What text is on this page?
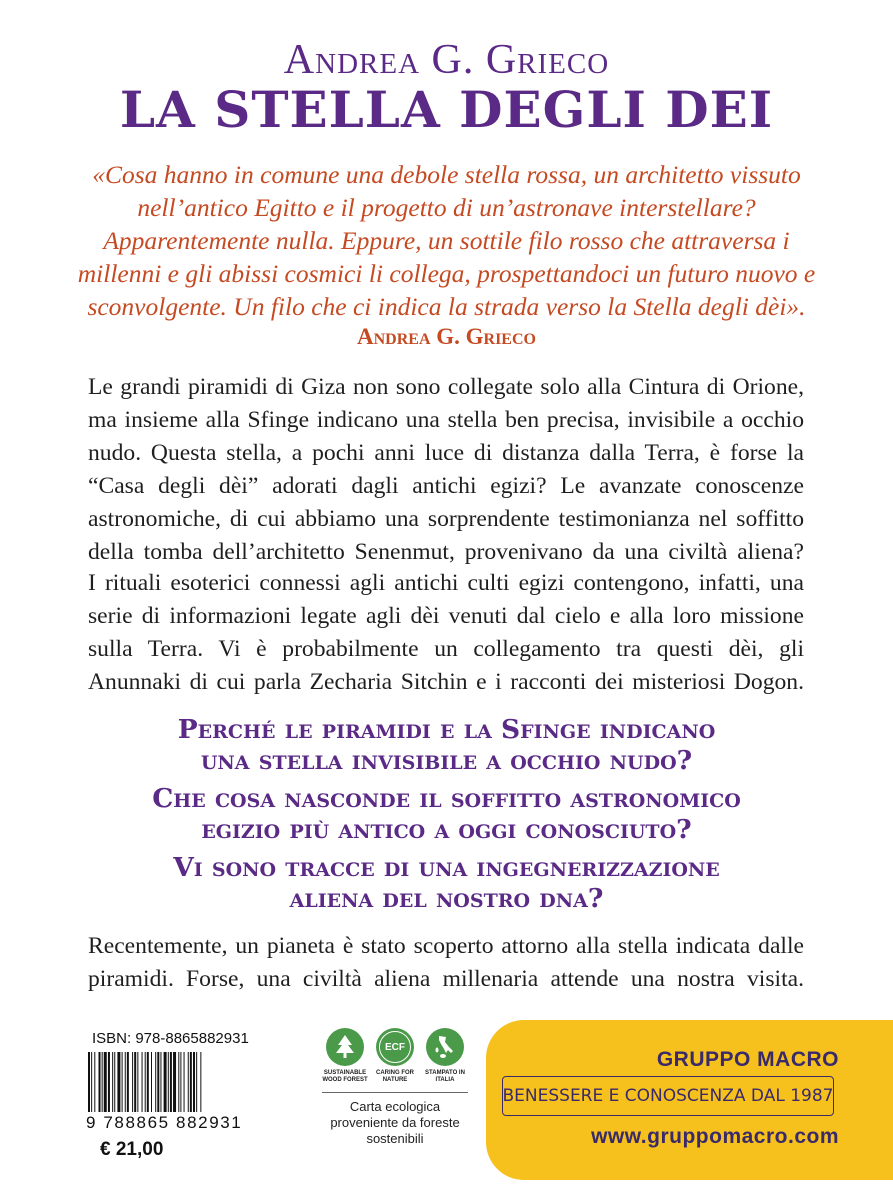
Andrea G. Grieco
LA STELLA DEGLI DEI
«Cosa hanno in comune una debole stella rossa, un architetto vissuto nell’antico Egitto e il progetto di un’astronave interstellare? Apparentemente nulla. Eppure, un sottile filo rosso che attraversa i millenni e gli abissi cosmici li collega, prospettandoci un futuro nuovo e sconvolgente. Un filo che ci indica la strada verso la Stella degli dèi».
Andrea G. Grieco

Le grandi piramidi di Giza non sono collegate solo alla Cintura di Orione, ma insieme alla Sfinge indicano una stella ben precisa, invisibile a occhio nudo. Questa stella, a pochi anni luce di distanza dalla Terra, è forse la “Casa degli dèi” adorati dagli antichi egizi? Le avanzate conoscenze astronomiche, di cui abbiamo una sorprendente testimonianza nel soffitto della tomba dell’architetto Senenmut, provenivano da una civiltà aliena?

I rituali esoterici connessi agli antichi culti egizi contengono, infatti, una serie di informazioni legate agli dèi venuti dal cielo e alla loro missione sulla Terra. Vi è probabilmente un collegamento tra questi dèi, gli Anunnaki di cui parla Zecharia Sitchin e i racconti dei misteriosi Dogon.

Perché le piramidi e la Sfinge indicano
una stella invisibile a occhio nudo?
Che cosa nasconde il soffitto astronomico
egizio più antico a oggi conosciuto?
Vi sono tracce di una ingegnerizzazione
aliena del nostro dna?

Recentemente, un pianeta è stato scoperto attorno alla stella indicata dalle piramidi. Forse, una civiltà aliena millenaria attende una nostra visita.

ISBN: 978-8865882931
9 788865 882931
€ 21,00
SUSTAINABLE WOOD FOREST
ECF
CARING FOR NATURE
STAMPATO IN ITALIA
Carta ecologica proveniente da foreste sostenibili
GRUPPO MACRO
BENESSERE E CONOSCENZA DAL 1987
www.gruppomacro.com
